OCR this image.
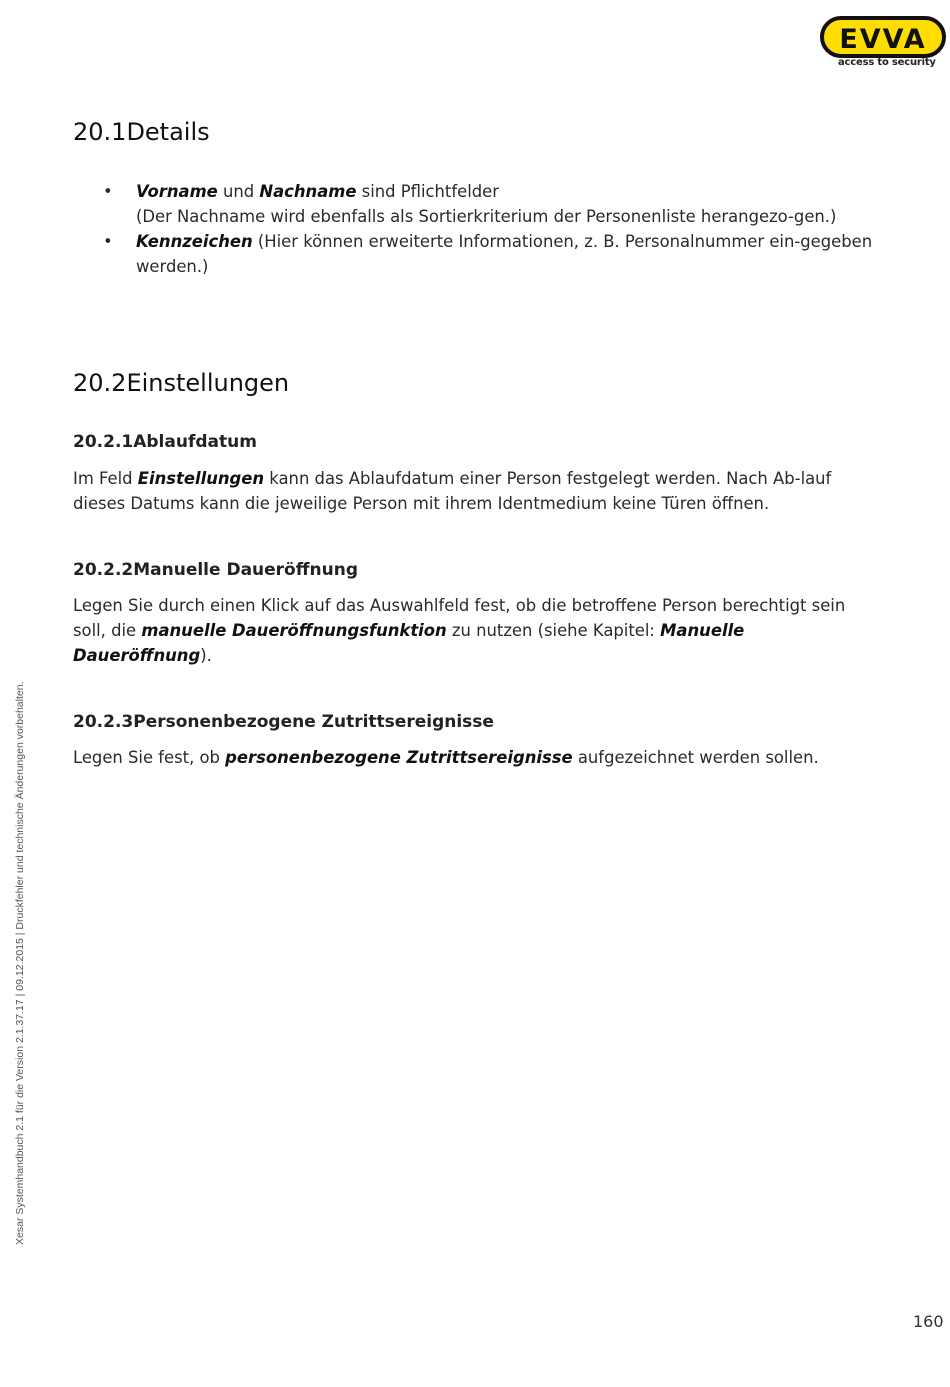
EVVA
access to security
20.1Details
• Vorname und Nachname sind Pflichtfelder
(Der Nachname wird ebenfalls als Sortierkriterium der Personenliste herangezo-gen.)
• Kennzeichen (Hier können erweiterte Informationen, z. B. Personalnummer ein-gegeben werden.)
20.2Einstellungen
20.2.1Ablaufdatum

Im Feld Einstellungen kann das Ablaufdatum einer Person festgelegt werden. Nach Ab-lauf dieses Datums kann die jeweilige Person mit ihrem Identmedium keine Türen öffnen.

20.2.2Manuelle Daueröffnung

Legen Sie durch einen Klick auf das Auswahlfeld fest, ob die betroffene Person berechtigt sein soll, die manuelle Daueröffnungsfunktion zu nutzen (siehe Kapitel: Manuelle Daueröffnung).

20.2.3Personenbezogene Zutrittsereignisse

Legen Sie fest, ob personenbezogene Zutrittsereignisse aufgezeichnet werden sollen.

Xesar Systemhandbuch 2.1 für die Version 2.1.37.17 | 09.12.2015 | Druckfehler und technische Änderungen vorbehalten.
160
